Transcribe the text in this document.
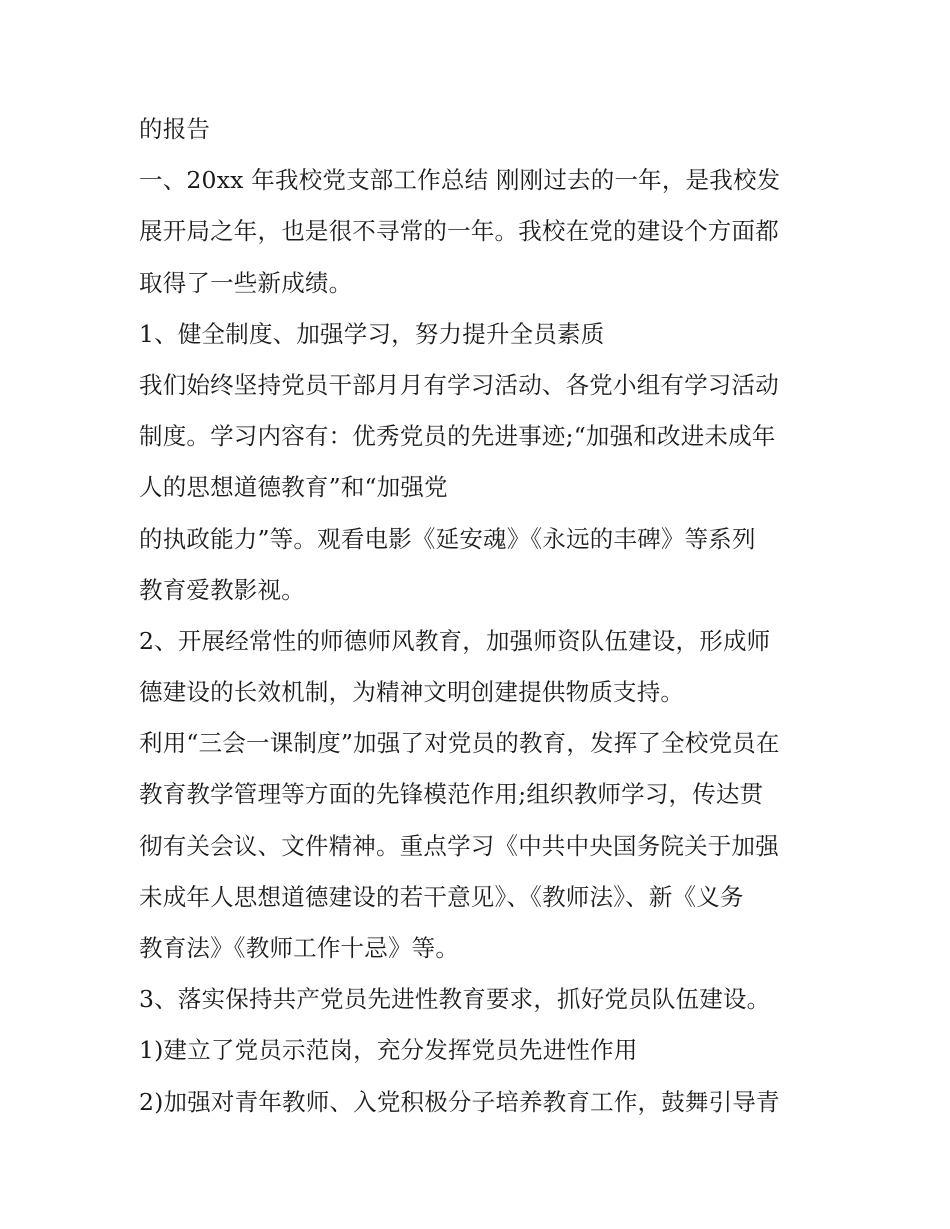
的报告
一、20xx 年我校党支部工作总结 刚刚过去的一年，是我校发
展开局之年，也是很不寻常的一年。我校在党的建设个方面都
取得了一些新成绩。
1、健全制度、加强学习，努力提升全员素质
我们始终坚持党员干部月月有学习活动、各党小组有学习活动
制度。学习内容有：优秀党员的先进事迹;“加强和改进未成年
人的思想道德教育”和“加强党
的执政能力”等。观看电影《延安魂》《永远的丰碑》等系列
教育爱教影视。
2、开展经常性的师德师风教育，加强师资队伍建设，形成师
德建设的长效机制，为精神文明创建提供物质支持。
利用“三会一课制度”加强了对党员的教育，发挥了全校党员在
教育教学管理等方面的先锋模范作用;组织教师学习，传达贯
彻有关会议、文件精神。重点学习《中共中央国务院关于加强
未成年人思想道德建设的若干意见》、《教师法》、新《义务
教育法》《教师工作十忌》等。
3、落实保持共产党员先进性教育要求，抓好党员队伍建设。
1)建立了党员示范岗，充分发挥党员先进性作用
2)加强对青年教师、入党积极分子培养教育工作，鼓舞引导青
